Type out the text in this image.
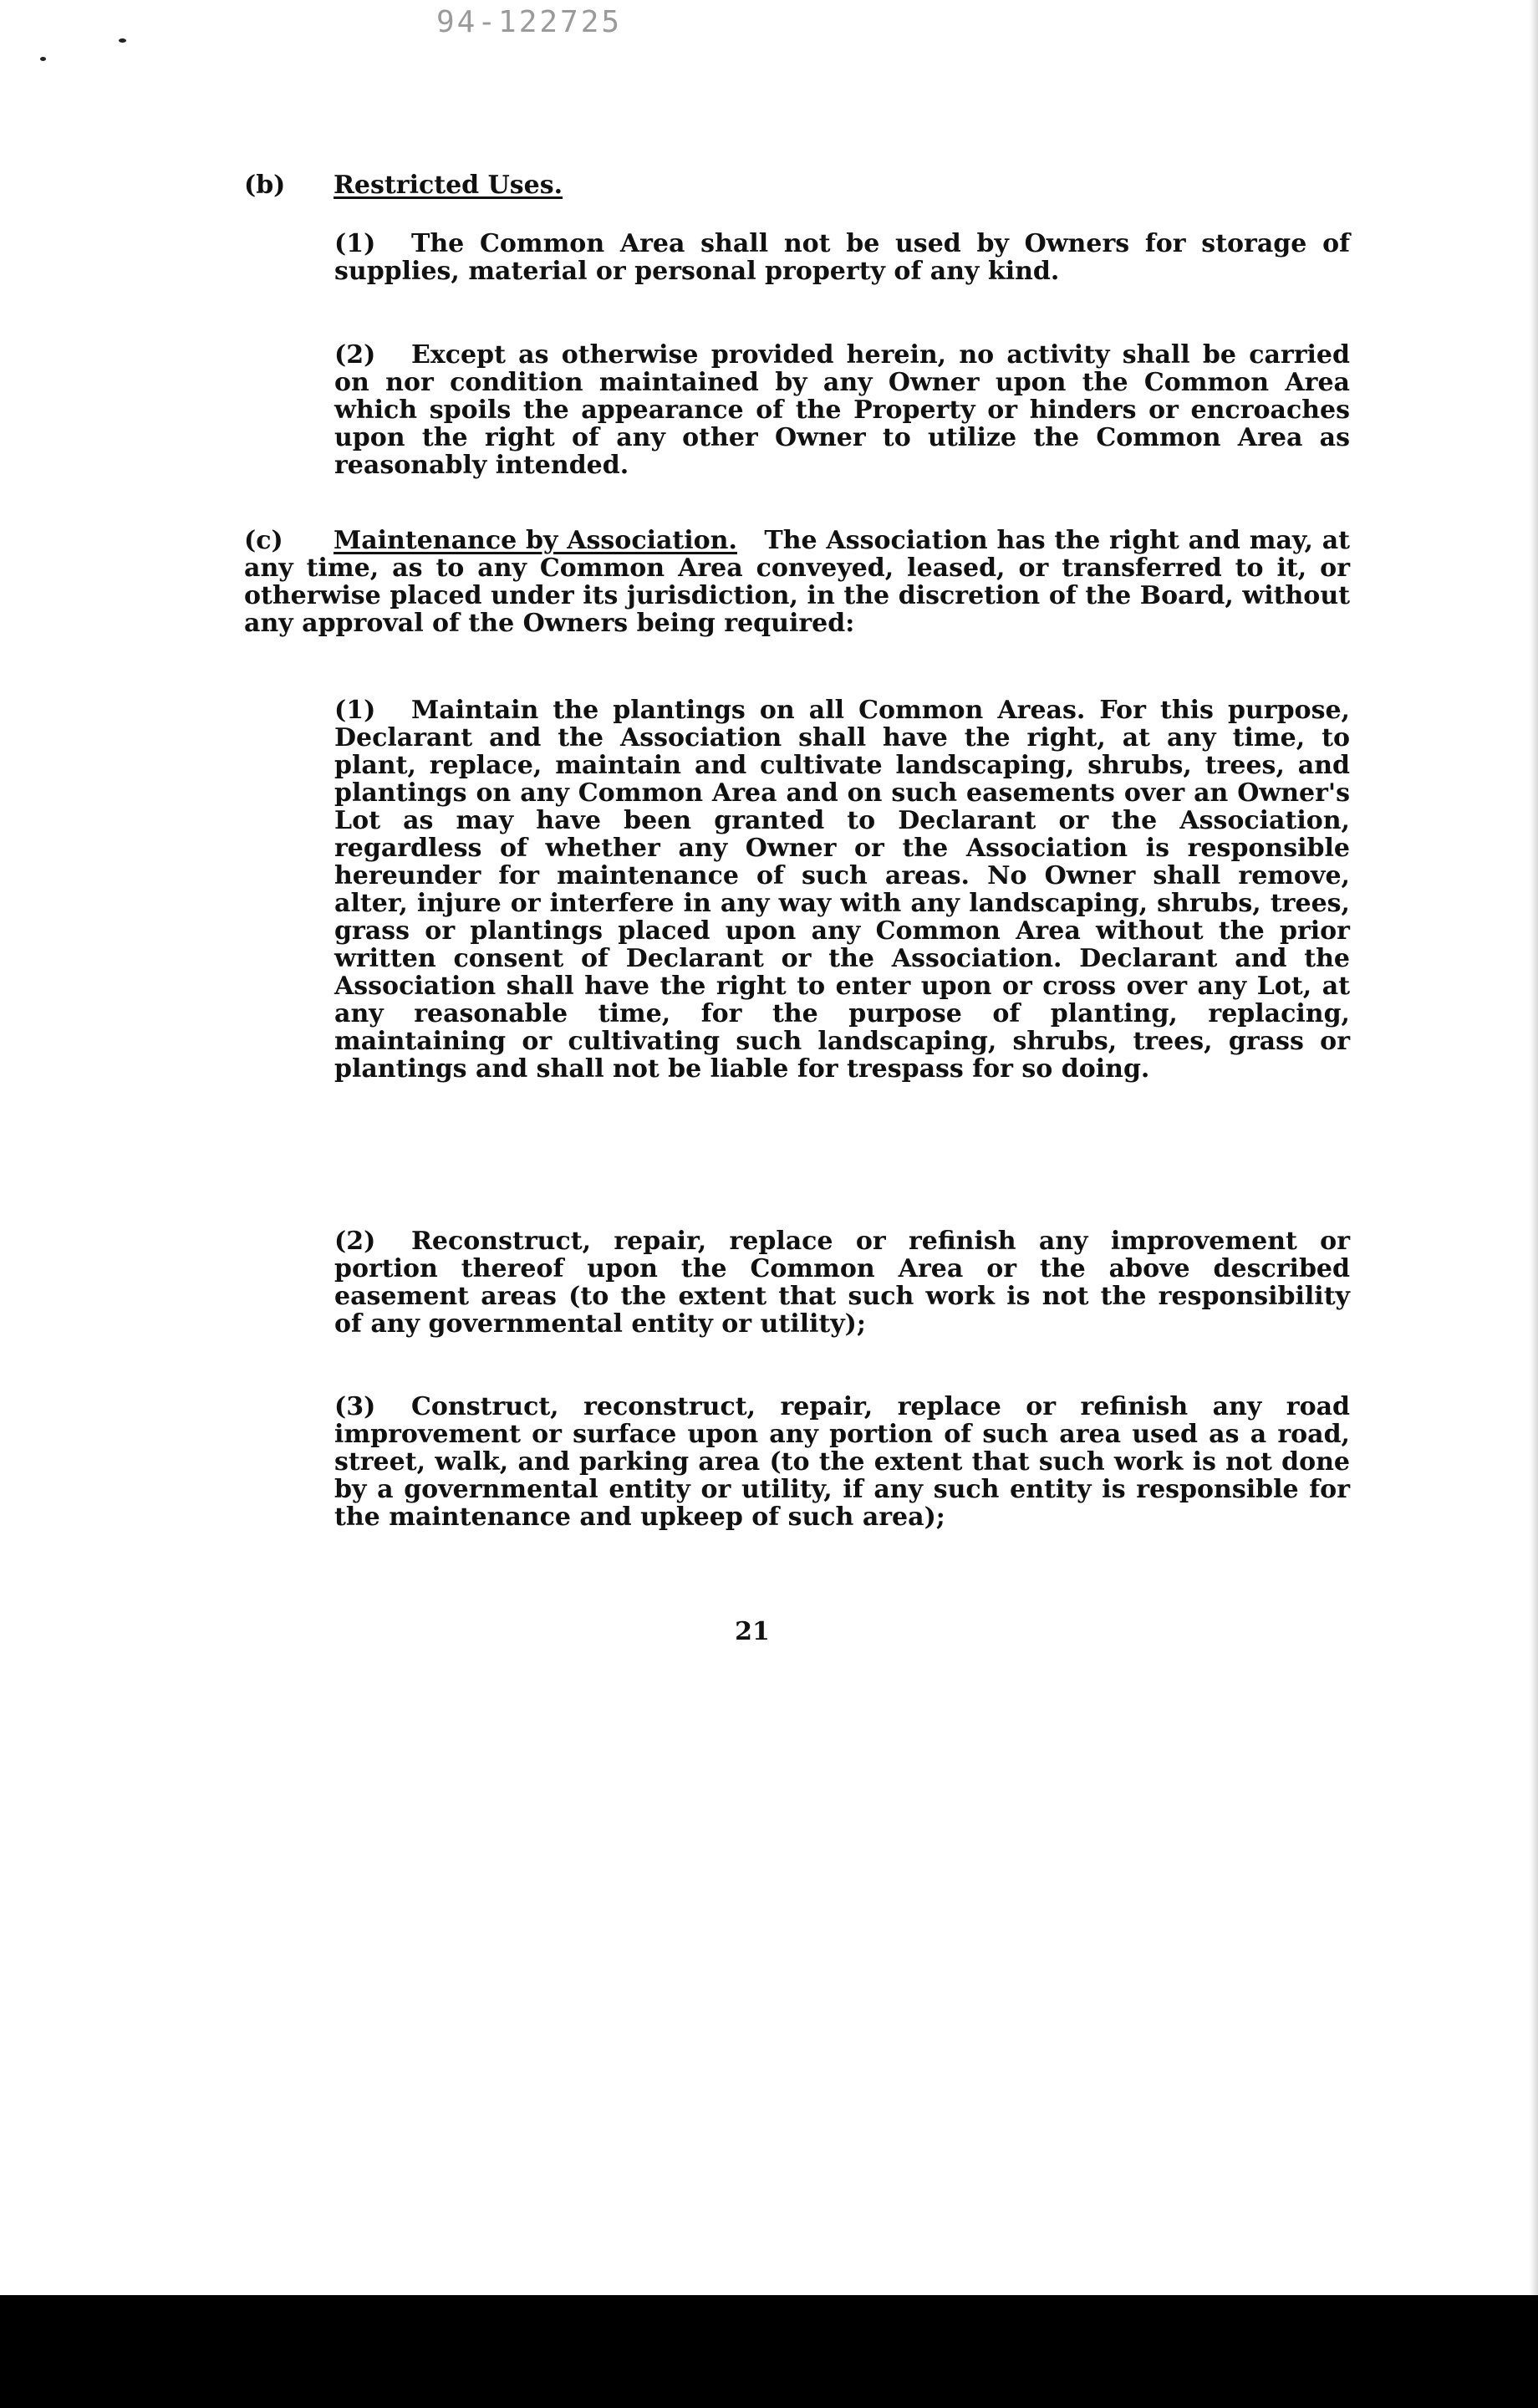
94-122725
(b) Restricted Uses.
(1) The Common Area shall not be used by Owners for storage of supplies, material or personal property of any kind.
(2) Except as otherwise provided herein, no activity shall be carried on nor condition maintained by any Owner upon the Common Area which spoils the appearance of the Property or hinders or encroaches upon the right of any other Owner to utilize the Common Area as reasonably intended.
(c) Maintenance by Association. The Association has the right and may, at any time, as to any Common Area conveyed, leased, or transferred to it, or otherwise placed under its jurisdiction, in the discretion of the Board, without any approval of the Owners being required:
(1) Maintain the plantings on all Common Areas. For this purpose, Declarant and the Association shall have the right, at any time, to plant, replace, maintain and cultivate landscaping, shrubs, trees, and plantings on any Common Area and on such easements over an Owner's Lot as may have been granted to Declarant or the Association, regardless of whether any Owner or the Association is responsible hereunder for maintenance of such areas. No Owner shall remove, alter, injure or interfere in any way with any landscaping, shrubs, trees, grass or plantings placed upon any Common Area without the prior written consent of Declarant or the Association. Declarant and the Association shall have the right to enter upon or cross over any Lot, at any reasonable time, for the purpose of planting, replacing, maintaining or cultivating such landscaping, shrubs, trees, grass or plantings and shall not be liable for trespass for so doing.
(2) Reconstruct, repair, replace or refinish any improvement or portion thereof upon the Common Area or the above described easement areas (to the extent that such work is not the responsibility of any governmental entity or utility);
(3) Construct, reconstruct, repair, replace or refinish any road improvement or surface upon any portion of such area used as a road, street, walk, and parking area (to the extent that such work is not done by a governmental entity or utility, if any such entity is responsible for the maintenance and upkeep of such area);
21
